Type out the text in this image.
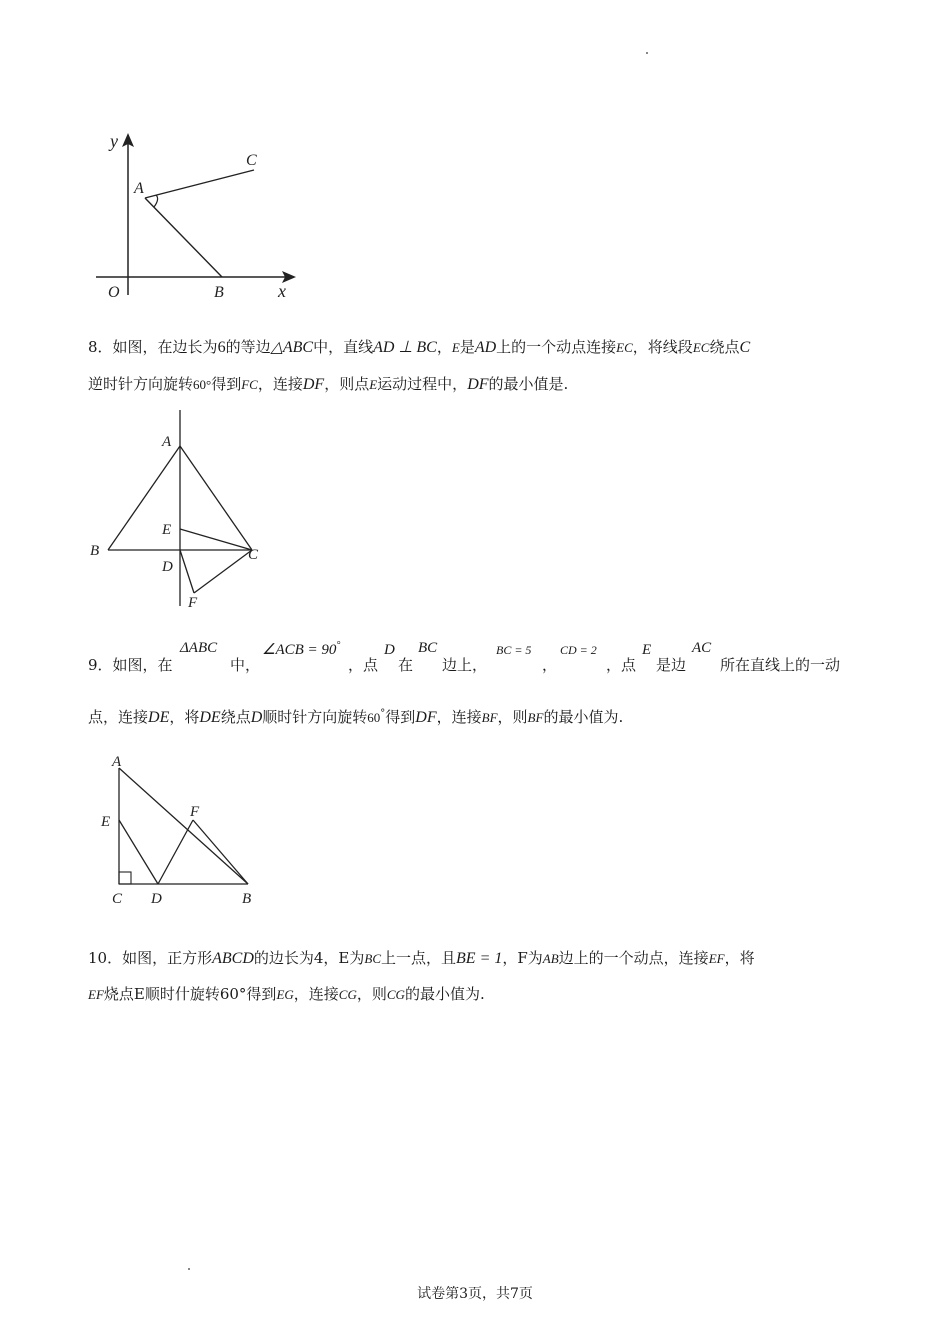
y
A
C
O	B	x
8．如图，在边长为6的等边△ABC中，直线AD ⊥ BC，E是AD上的一个动点连接EC，将线段EC绕点C
逆时针方向旋转60°得到FC，连接DF，则点E运动过程中，DF的最小值是.
A
B	C
E
D
F
9．如图，在
ΔABC
中，
∠ACB = 90°
，点
D
在
BC
边上，
BC = 5
，
CD = 2
，点
E
是边
AC
所在直线上的一动
点，连接DE，将DE绕点D顺时针方向旋转60°得到DF，连接BF，则BF的最小值为.
A
E
F
C D	B
10．如图，正方形ABCD的边长为4，E为BC上一点，且BE = 1，F为AB边上的一个动点，连接EF，将
EF烧点E顺时什旋转60°得到EG，连接CG，则CG的最小值为.
试卷第3页，共7页
